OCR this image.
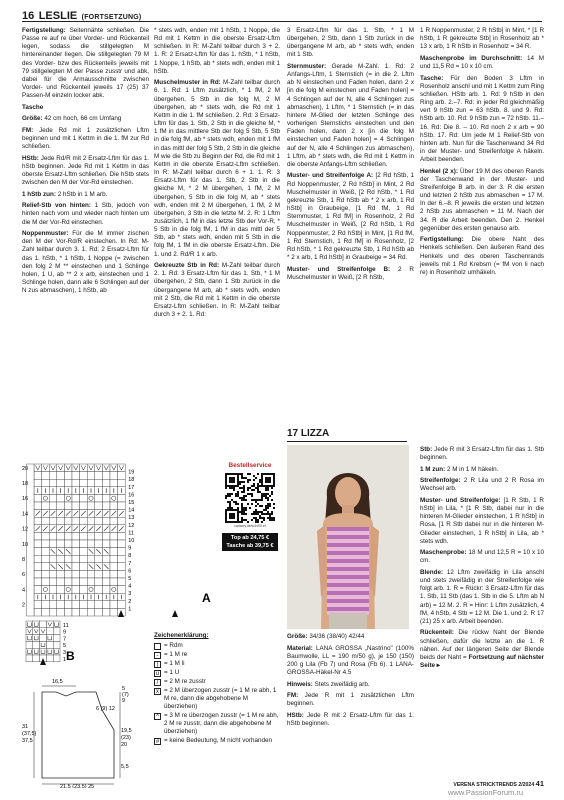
16 LESLIE (FORTSETZUNG)

Fertigstellung: Seitennähte schließen. Die Passe re auf re über Vorder- und Rückenteil legen, sodass die stillgelegten M hintereinander liegen. Die stillgelegten 79 M des Vorder- bzw des Rückenteils jeweils mit 79 stillgelegten M der Passe zusstr und abk, dabei für die Armausschnitte zwischen Vorder- und Rückenteil jeweils 17 (25) 37 Passen-M einzeln locker abk.

Tasche

Größe: 42 cm hoch, 66 cm Umfang

FM: Jede Rd mit 1 zusätzlichen Lftm beginnen und mit 1 Kettm in die 1. fM zur Rd schließen.

HStb: Jede Rd/R mit 2 Ersatz-Lftm für das 1. hStb beginnen. Jede Rd mit 1 Kettm in das oberste Ersatz-Lftm schließen. Die hStb stets zwischen den M der Vor-Rd einstechen.

1 hStb zun: 2 hStb in 1 M arb.

Relief-Stb von hinten: 1 Stb, jedoch von hinten nach vorn und wieder nach hinten um die M der Vor-Rd einstechen.

Noppenmuster: Für die M immer zischen den M der Vor-Rd/R einstechen. In Rd: M-Zahl teilbar durch 3. 1. Rd: 2 Ersatz-Lftm für das 1. hStb, * 1 hStb, 1 Noppe (= zwischen den folg 2 M ** einstechen und 1 Schlinge holen, 1 U, ab ** 2 x arb, einstechen und 1 Schlinge holen, dann alle 6 Schlingen auf der N zus abmaschen), 1 hStb, ab

* stets wdh, enden mit 1 hStb, 1 Noppe, die Rd mit 1 Kettm in die oberste Ersatz-Lftm schließen. In R: M-Zahl teilbar durch 3 + 2. 1. R: 2 Ersatz-Lftm für das 1. hStb, * 1 hStb, 1 Noppe, 1 hStb, ab * stets wdh, enden mit 1 hStb.

Muschelmuster in Rd: M-Zahl teilbar durch 6. 1. Rd: 1 Lftm zusätzlich, * 1 fM, 2 M übergehen, 5 Stb in die folg M, 2 M übergehen, ab * stets wdh, die Rd mit 1 Kettm in die 1. fM schließen. 2. Rd: 3 Ersatz-Lftm für das 1. Stb, 2 Stb in die gleiche M, * 1 fM in das mittlere Stb der folg 5 Stb, 5 Stb in die folg fM, ab * stets wdh, enden mit 1 fM in das mittl der folg 5 Stb, 2 Stb in die gleiche M wie die Stb zu Beginn der Rd, die Rd mit 1 Kettm in die oberste Ersatz-Lftm schließen. In R: M-Zahl teilbar durch 6 + 1. 1. R: 3 Ersatz-Lftm für das 1. Stb, 2 Stb in die gleiche M, * 2 M übergehen, 1 fM, 2 M übergehen, 5 Stb in die folg M, ab * stets wdh, enden mit 2 M übergehen, 1 fM, 2 M übergehen, 3 Stb in die letzte M. 2. R: 1 Lftm zusätzlich, 1 fM in das letzte Stb der Vor-R, * 5 Stb in die folg fM, 1 fM in das mittl der 5 Stb, ab * stets wdh, enden mit 5 Stb in die folg fM, 1 fM in die oberste Ersatz-Lftm. Die 1. und 2. Rd/R 1 x arb.

Gekreuzte Stb in Rd: M-Zahl teilbar durch 2. 1. Rd: 3 Ersatz-Lftm für das 1. Stb, * 1 M übergehen, 2 Stb, dann 1 Stb zurück in die übergangene M arb, ab * stets wdh, enden mit 2 Stb, die Rd mit 1 Kettm in die oberste Ersatz-Lftm schließen. In R: M-Zahl teilbar durch 3 + 2. 1. Rd:

3 Ersatz-Lftm für das 1. Stb, * 1 M übergehen, 2 Stb, dann 1 Stb zurück in die übergangene M arb, ab * stets wdh, enden mit 1 Stb.

Sternmuster: Gerade M-Zahl. 1. Rd: 2 Anfangs-Lftm, 1 Sternstich (= in die 2. Lftm ab N einstechen und Faden holen, dann 2 x [in die folg M einstechen und Faden holen] = 4 Schlingen auf der N, alle 4 Schlingen zus abmaschen), 1 Lftm, * 1 Sternstich (= in das hintere M-Glied der letzten Schlinge des vorherigen Sternstichs einstechen und den Faden holen, dann 2 x [in die folg M einstechen und Faden holen] = 4 Schlingen auf der N, alle 4 Schlingen zus abmaschen), 1 Lftm, ab * stets wdh, die Rd mit 1 Kettm in die oberste Anfangs-Lftm schließen.

Muster- und Streifenfolge A: [2 Rd hStb, 1 Rd Noppenmuster, 2 Rd hStb] in Mint, 2 Rd Muschelmuster in Weiß, [2 Rd hStb, * 1 Rd gekreuzte Stb, 1 Rd hStb ab * 2 x arb, 1 Rd hStb] in Graubeige, [1 Rd fM, 1 Rd Sternmuster, 1 Rd fM] in Rosenholz, 2 Rd Muschelmuster in Weiß, [2 Rd hStb, 1 Rd Noppenmuster, 2 Rd hStb] in Mint, [1 Rd fM, 1 Rd Sternstich, 1 Rd fM] in Rosenholz, [2 Rd hStb, * 1 Rd gekreuzte Stb, 1 Rd hStb ab * 2 x arb, 1 Rd hStb] in Graubeige = 34 Rd.

Muster- und Streifenfolge B: 2 R Muschelmuster in Weiß, [2 R hStb,

1 R Noppenmuster, 2 R hStb] in Mint, * [1 R hStb, 1 R gekreuzte Stb] in Rosenholz ab * 13 x arb, 1 R hStb in Rosenholz = 34 R.

Maschenprobe im Durchschnitt: 14 M und 11,5 Rd = 10 x 10 cm.

Tasche: Für den Boden 3 Lftm in Rosenholz anschl und mit 1 Kettm zum Ring schließen. HStb arb. 1. Rd: 9 hStb in den Ring arb. 2.–7. Rd: in jeder Rd gleichmäßig vert 9 hStb zun = 63 hStb. 8. und 9. Rd: hStb arb. 10. Rd: 9 hStb zun = 72 hStb. 11.–16. Rd: Die 8. – 10. Rd noch 2 x arb = 90 hStb. 17. Rd: Um jede M 1 Relief-Stb von hinten arb. Nun für die Taschenwand 34 Rd in der Muster- und Streifenfolge A häkeln. Arbeit beenden.

Henkel (2 x): Über 19 M des oberen Rands der Taschenwand in der Muster- und Streifenfolge B arb. in der 3. R die ersten und letzten 2 hStb zus abmaschen = 17 M. In der 6.–8. R jeweils die ersten und letzten 2 hStb zus abmaschen = 11 M. Nach der 34. R die Arbeit beenden. Den 2. Henkel gegenüber des ersten genauso arb.

Fertigstellung: Die obere Naht des Henkels schließen. Den äußeren Rand des Henkels und des oberen Taschenrands jeweils mit 1 Rd Krebsm (= fM von li nach re) in Rosenholz umhäkeln.

19
18
17
16
15
14
13
12
11
10
9
8
7
6
5
4
3
2
1
20
18
16
14
12
10
8
6
4
2
A
11
9
7
5
3
1 B
16,5
31
(37,5)
37,5
6 (9) 12
5
(7)
9
19,5
(23)
20
5,5
21,5 (23,5) 25
Bestellservice
carlacry.de/s/4400-ef
Top ab 24,75 €
Tasche ab 39,75 €
Zeichenerklärung:
= Rdm
- = 1 M re
| = 1 M li
u = 1 U
/ = 2 M re zusstr
x = 2 M überzogen zusstr (= 1 M re abh, 1 M re, dann die abgehobene M überziehen)
^ = 3 M re überzogen zusstr (= 1 M re abh, 2 M re zusstr, dann die abgehobene M überziehen)
# = keine Bedeutung, M nicht vorhanden
17 LIZZA

Größe: 34/36 (38/40) 42/44

Material: LANA GROSSA „Nastrino" (100% Baumwolle, LL = 190 m/50 g), je 150 (150) 200 g Lila (Fb 7) und Rosa (Fb 6). 1 LANA-GROSSA-Häkel-Nr 4.5

Hinweis: Stets zweifädig arb.

FM: Jede R mit 1 zusätzlichen Lftm beginnen.

HStb: Jede R mit 2 Ersatz-Lftm für das 1. hStb beginnen.

Stb: Jede R mit 3 Ersatz-Lftm für das 1. Stb beginnen.

1 M zun: 2 M in 1 M häkeln.

Streifenfolge: 2 R Lila und 2 R Rosa im Wechsel arb.

Muster- und Streifenfolge: [1 R Stb, 1 R hStb] in Lila, * [1 R Stb, dabei nur in die hinteren M-Glieder einstechen, 1 R hStb] in Rosa, [1 R Stb dabei nur in die hinteren M-Glieder einstechen, 1 R hStb] in Lila, ab * stets wdh.

Maschenprobe: 18 M und 12,5 R = 10 x 10 cm.

Blende: 12 Lftm zweifädig in Lila anschl und stets zweifädig in der Streifenfolge wie folgt arb. 1. R = Rückr: 3 Ersatz-Lftm für das 1. Stb, 11 Stb (das 1. Stb in die 5. Lftm ab N arb) = 12 M. 2. R = Hinr: 1 Lftm zusätzlich, 4 fM, 4 hStb, 4 Stb = 12 M. Die 1. und 2. R 17 (21) 25 x arb. Arbeit beenden.

Rückenteil: Die rückw Naht der Blende schließen, dafür die letzte an die 1. R nähen. Auf der längeren Seite der Blende beids der Naht = Fortsetzung auf nächster Seite ▸

VERENA STRICKTRENDS 2/2024 41
www.PassionForum.ru
